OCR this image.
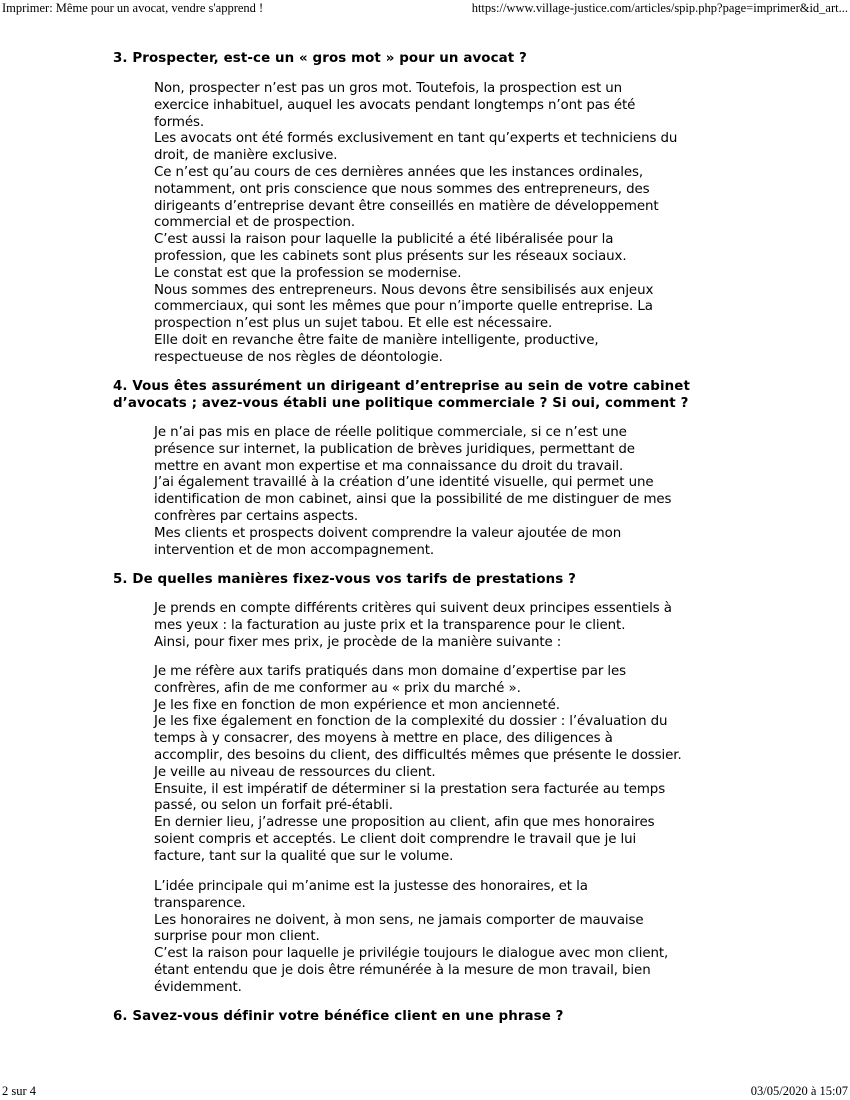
Imprimer: Même pour un avocat, vendre s'apprend !	https://www.village-justice.com/articles/spip.php?page=imprimer&id_art...
3. Prospecter, est-ce un « gros mot » pour un avocat ?
Non, prospecter n’est pas un gros mot. Toutefois, la prospection est un
exercice inhabituel, auquel les avocats pendant longtemps n’ont pas été
formés.
Les avocats ont été formés exclusivement en tant qu’experts et techniciens du
droit, de manière exclusive.
Ce n’est qu’au cours de ces dernières années que les instances ordinales,
notamment, ont pris conscience que nous sommes des entrepreneurs, des
dirigeants d’entreprise devant être conseillés en matière de développement
commercial et de prospection.
C’est aussi la raison pour laquelle la publicité a été libéralisée pour la
profession, que les cabinets sont plus présents sur les réseaux sociaux.
Le constat est que la profession se modernise.
Nous sommes des entrepreneurs. Nous devons être sensibilisés aux enjeux
commerciaux, qui sont les mêmes que pour n’importe quelle entreprise. La
prospection n’est plus un sujet tabou. Et elle est nécessaire.
Elle doit en revanche être faite de manière intelligente, productive,
respectueuse de nos règles de déontologie.
4. Vous êtes assurément un dirigeant d’entreprise au sein de votre cabinet d’avocats ; avez-vous établi une politique commerciale ? Si oui, comment ?
Je n’ai pas mis en place de réelle politique commerciale, si ce n’est une
présence sur internet, la publication de brèves juridiques, permettant de
mettre en avant mon expertise et ma connaissance du droit du travail.
J’ai également travaillé à la création d’une identité visuelle, qui permet une
identification de mon cabinet, ainsi que la possibilité de me distinguer de mes
confrères par certains aspects.
Mes clients et prospects doivent comprendre la valeur ajoutée de mon
intervention et de mon accompagnement.
5. De quelles manières fixez-vous vos tarifs de prestations ?
Je prends en compte différents critères qui suivent deux principes essentiels à
mes yeux : la facturation au juste prix et la transparence pour le client.
Ainsi, pour fixer mes prix, je procède de la manière suivante :
Je me réfère aux tarifs pratiqués dans mon domaine d’expertise par les
confrères, afin de me conformer au « prix du marché ».
Je les fixe en fonction de mon expérience et mon ancienneté.
Je les fixe également en fonction de la complexité du dossier : l’évaluation du
temps à y consacrer, des moyens à mettre en place, des diligences à
accomplir, des besoins du client, des difficultés mêmes que présente le dossier.
Je veille au niveau de ressources du client.
Ensuite, il est impératif de déterminer si la prestation sera facturée au temps
passé, ou selon un forfait pré-établi.
En dernier lieu, j’adresse une proposition au client, afin que mes honoraires
soient compris et acceptés. Le client doit comprendre le travail que je lui
facture, tant sur la qualité que sur le volume.
L’idée principale qui m’anime est la justesse des honoraires, et la
transparence.
Les honoraires ne doivent, à mon sens, ne jamais comporter de mauvaise
surprise pour mon client.
C’est la raison pour laquelle je privilégie toujours le dialogue avec mon client,
étant entendu que je dois être rémunérée à la mesure de mon travail, bien
évidemment.
6. Savez-vous définir votre bénéfice client en une phrase ?
2 sur 4	03/05/2020 à 15:07
